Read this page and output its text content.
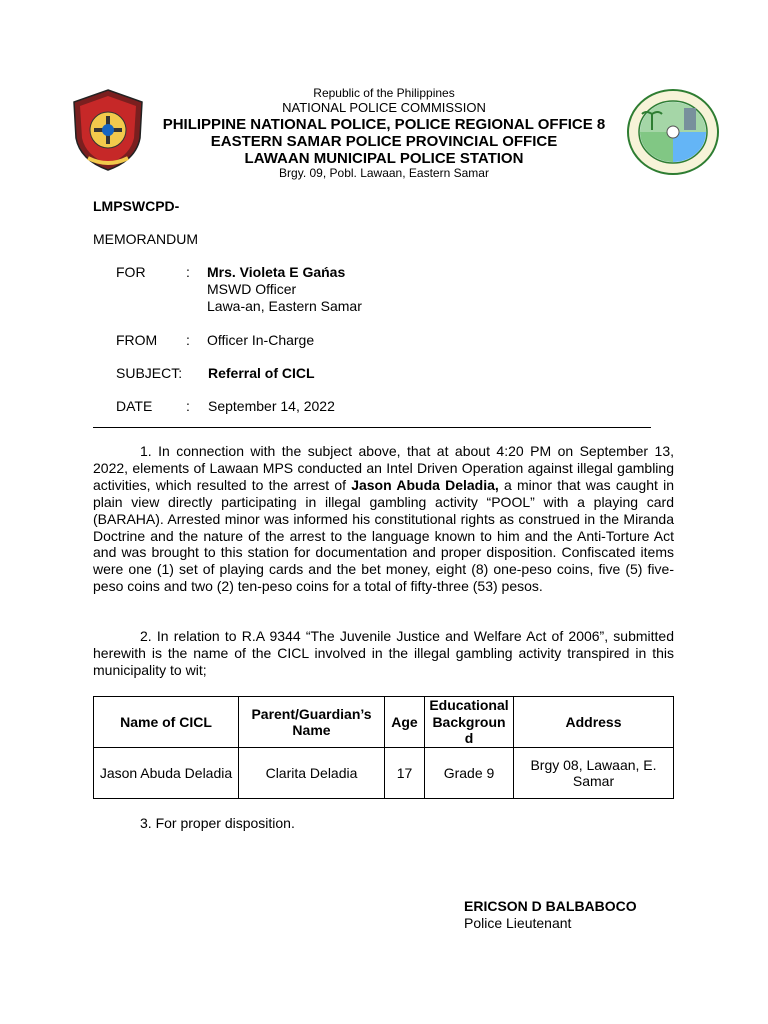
Republic of the Philippines
NATIONAL POLICE COMMISSION
PHILIPPINE NATIONAL POLICE, POLICE REGIONAL OFFICE 8
EASTERN SAMAR POLICE PROVINCIAL OFFICE
LAWAAN MUNICIPAL POLICE STATION
Brgy. 09, Pobl. Lawaan, Eastern Samar
LMPSWCPD-
MEMORANDUM
FOR	: Mrs. Violeta E Gańas
MSWD Officer
Lawa-an, Eastern Samar
FROM : Officer In-Charge
SUBJECT: Referral of CICL
DATE : September 14, 2022
1. In connection with the subject above, that at about 4:20 PM on September 13, 2022, elements of Lawaan MPS conducted an Intel Driven Operation against illegal gambling activities, which resulted to the arrest of Jason Abuda Deladia, a minor that was caught in plain view directly participating in illegal gambling activity “POOL” with a playing card (BARAHA). Arrested minor was informed his constitutional rights as construed in the Miranda Doctrine and the nature of the arrest to the language known to him and the Anti-Torture Act and was brought to this station for documentation and proper disposition. Confiscated items were one (1) set of playing cards and the bet money, eight (8) one-peso coins, five (5) five-peso coins and two (2) ten-peso coins for a total of fifty-three (53) pesos.
2. In relation to R.A 9344 “The Juvenile Justice and Welfare Act of 2006”, submitted herewith is the name of the CICL involved in the illegal gambling activity transpired in this municipality to wit;
Name of CICL	Parent/Guardian’s Name	Age	Educational Backgroun d	Address
Jason Abuda Deladia	Clarita Deladia	17	Grade 9	Brgy 08, Lawaan, E. Samar
3. For proper disposition.
ERICSON D BALBABOCO
Police Lieutenant
